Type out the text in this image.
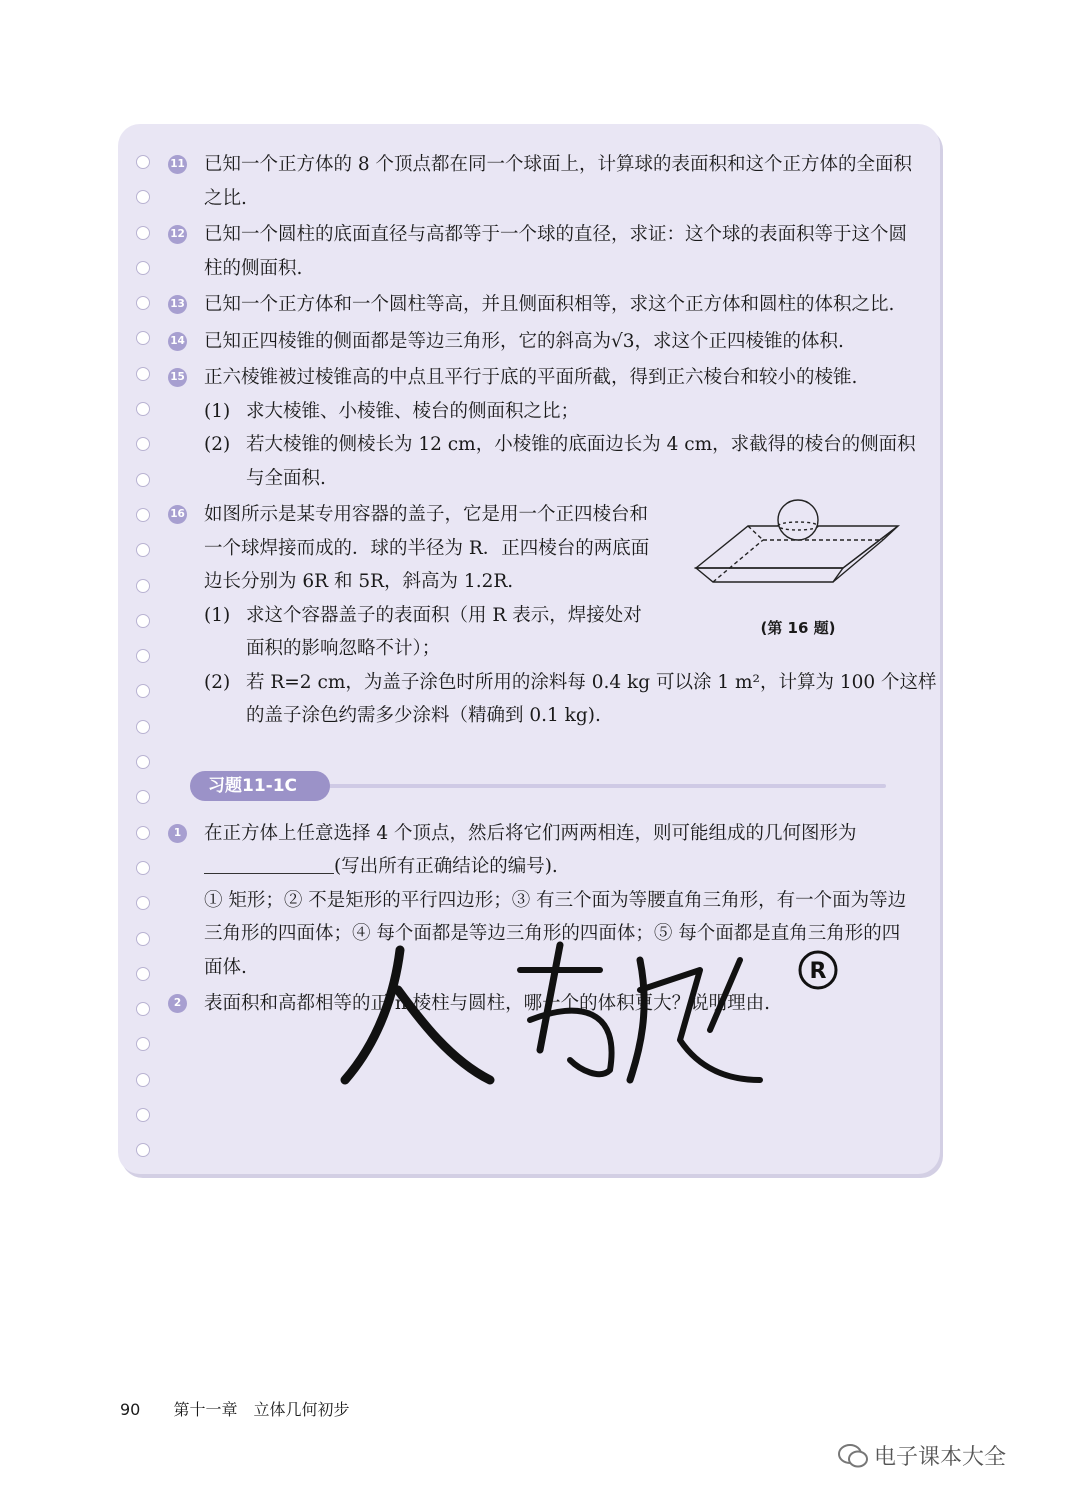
11 已知一个正方体的 8 个顶点都在同一个球面上，计算球的表面积和这个正方体的全面积之比.
12 已知一个圆柱的底面直径与高都等于一个球的直径，求证：这个球的表面积等于这个圆柱的侧面积.
13 已知一个正方体和一个圆柱等高，并且侧面积相等，求这个正方体和圆柱的体积之比.
14 已知正四棱锥的侧面都是等边三角形，它的斜高为√3，求这个正四棱锥的体积.
15 正六棱锥被过棱锥高的中点且平行于底的平面所截，得到正六棱台和较小的棱锥.
(1) 求大棱锥、小棱锥、棱台的侧面积之比；
(2) 若大棱锥的侧棱长为 12 cm，小棱锥的底面边长为 4 cm，求截得的棱台的侧面积与全面积.
16 如图所示是某专用容器的盖子，它是用一个正四棱台和一个球焊接而成的．球的半径为 R．正四棱台的两底面边长分别为 6R 和 5R，斜高为 1.2R.
(1) 求这个容器盖子的表面积（用 R 表示，焊接处对面积的影响忽略不计）；
(2) 若 R=2 cm，为盖子涂色时所用的涂料每 0.4 kg 可以涂 1 m²，计算为 100 个这样的盖子涂色约需多少涂料（精确到 0.1 kg).
(第 16 题)
习题11-1C
1	在正方体上任意选择 4 个顶点，然后将它们两两相连，则可能组成的几何图形为(写出所有正确结论的编号).
① 矩形；② 不是矩形的平行四边形；③ 有三个面为等腰直角三角形，有一个面为等边三角形的四面体；④ 每个面都是等边三角形的四面体；⑤ 每个面都是直角三角形的四面体.
2	表面积和高都相等的正 n 棱柱与圆柱，哪一个的体积更大？说明理由.
R
90 第十一章　立体几何初步
电子课本大全
